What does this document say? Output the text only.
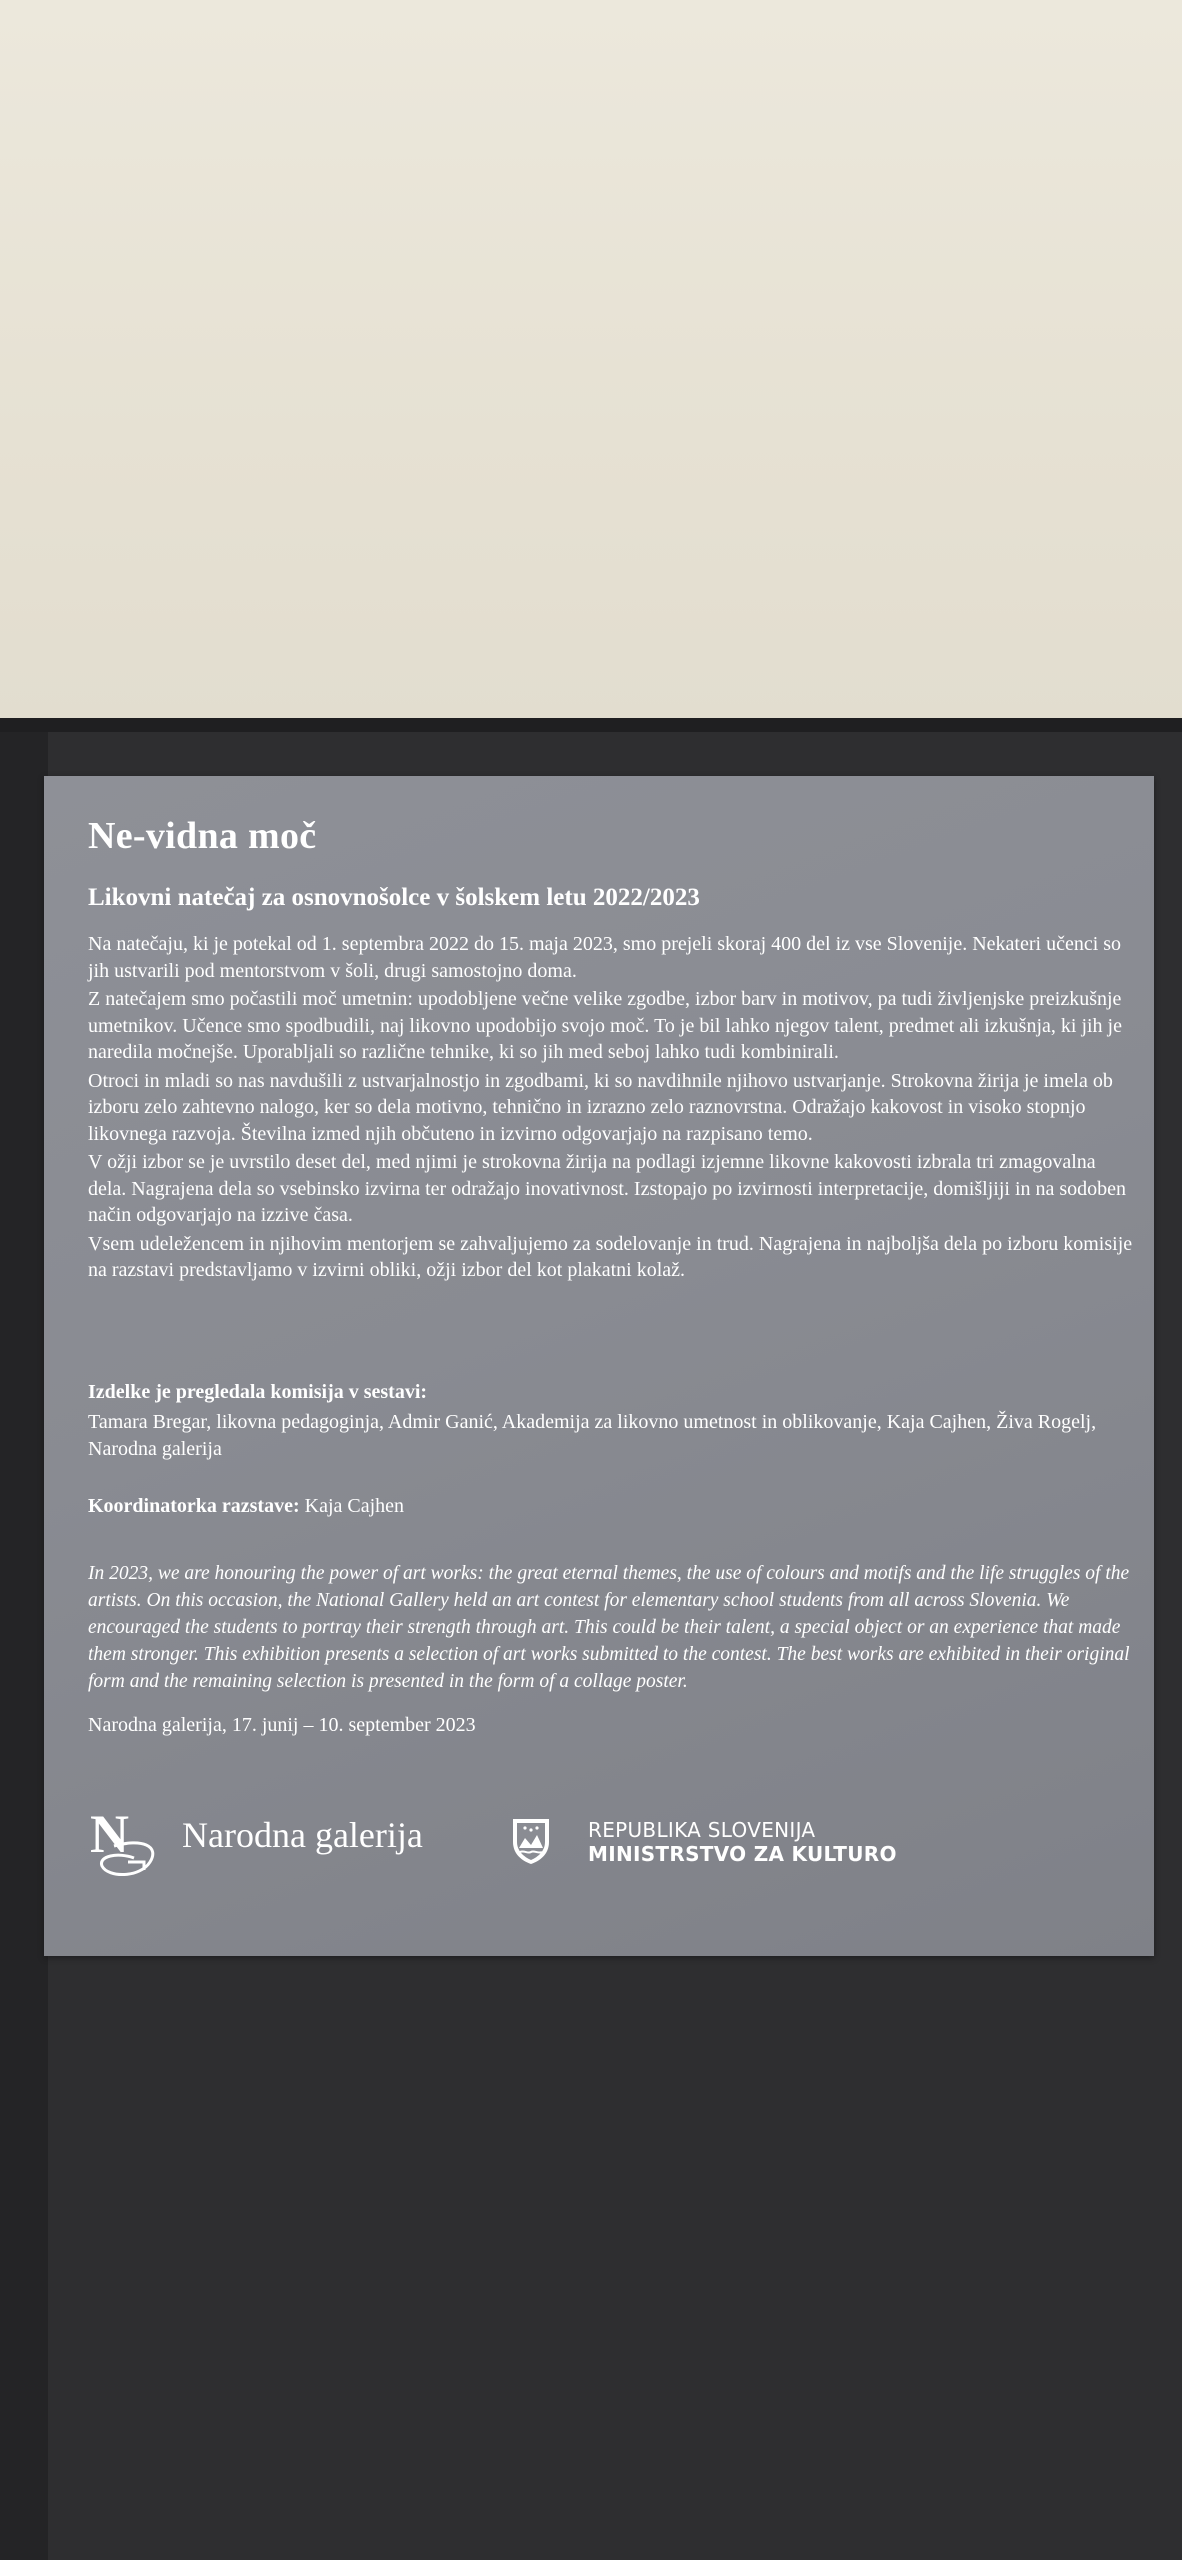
Ne-vidna moč
Likovni natečaj za osnovnošolce v šolskem letu 2022/2023

Na natečaju, ki je potekal od 1. septembra 2022 do 15. maja 2023, smo prejeli skoraj 400 del iz vse Slovenije. Nekateri učenci so jih ustvarili pod mentorstvom v šoli, drugi samostojno doma.

Z natečajem smo počastili moč umetnin: upodobljene večne velike zgodbe, izbor barv in motivov, pa tudi življenjske preizkušnje umetnikov. Učence smo spodbudili, naj likovno upodobijo svojo moč. To je bil lahko njegov talent, predmet ali izkušnja, ki jih je naredila močnejše. Uporabljali so različne tehnike, ki so jih med seboj lahko tudi kombinirali.

Otroci in mladi so nas navdušili z ustvarjalnostjo in zgodbami, ki so navdihnile njihovo ustvarjanje. Strokovna žirija je imela ob izboru zelo zahtevno nalogo, ker so dela motivno, tehnično in izrazno zelo raznovrstna. Odražajo kakovost in visoko stopnjo likovnega razvoja. Številna izmed njih občuteno in izvirno odgovarjajo na razpisano temo.

V ožji izbor se je uvrstilo deset del, med njimi je strokovna žirija na podlagi izjemne likovne kakovosti izbrala tri zmagovalna dela. Nagrajena dela so vsebinsko izvirna ter odražajo inovativnost. Izstopajo po izvirnosti interpretacije, domišljiji in na sodoben način odgovarjajo na izzive časa.

Vsem udeležencem in njihovim mentorjem se zahvaljujemo za sodelovanje in trud. Nagrajena in najboljša dela po izboru komisije na razstavi predstavljamo v izvirni obliki, ožji izbor del kot plakatni kolaž.

Izdelke je pregledala komisija v sestavi:
Tamara Bregar, likovna pedagoginja, Admir Ganić, Akademija za likovno umetnost in oblikovanje, Kaja Cajhen, Živa Rogelj, Narodna galerija
Koordinatorka razstave: Kaja Cajhen

In 2023, we are honouring the power of art works: the great eternal themes, the use of colours and motifs and the life struggles of the artists. On this occasion, the National Gallery held an art contest for elementary school students from all across Slovenia. We encouraged the students to portray their strength through art. This could be their talent, a special object or an experience that made them stronger. This exhibition presents a selection of art works submitted to the contest. The best works are exhibited in their original form and the remaining selection is presented in the form of a collage poster.

Narodna galerija, 17. junij – 10. september 2023
N Narodna galerija	REPUBLIKA SLOVENIJA
MINISTRSTVO ZA KULTURO
